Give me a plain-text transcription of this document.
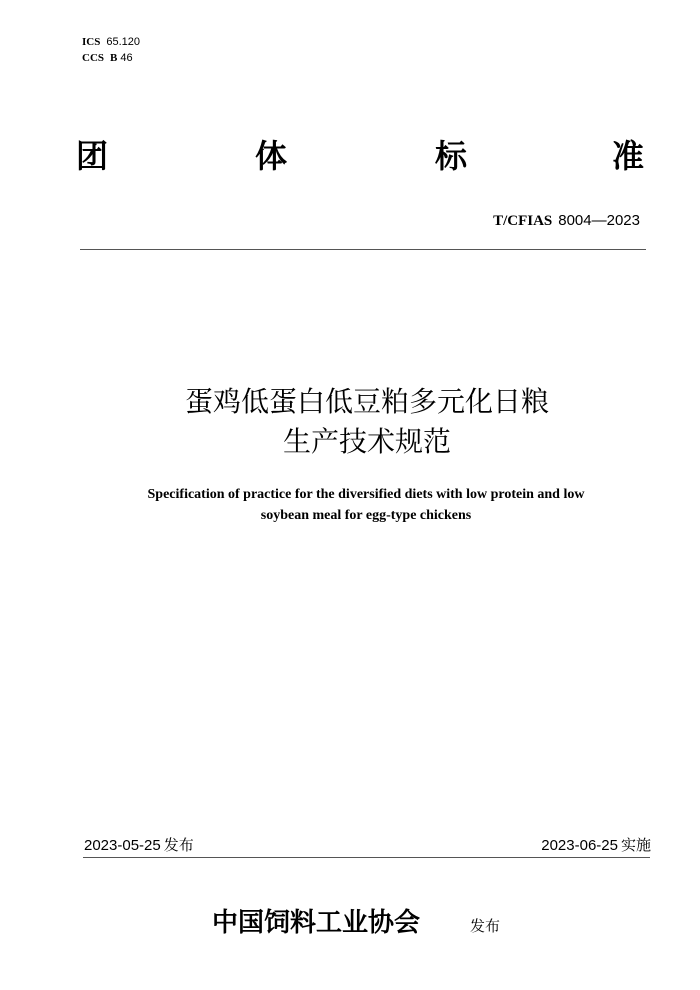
ICS 65.120
CCS B 46
团	体	标	准
T/CFIAS 8004—2023
蛋鸡低蛋白低豆粕多元化日粮
生产技术规范
Specification of practice for the diversified diets with low protein and low
soybean meal for egg-type chickens
2023-05-25 发布	2023-06-25 实施
中国饲料工业协会	发布
